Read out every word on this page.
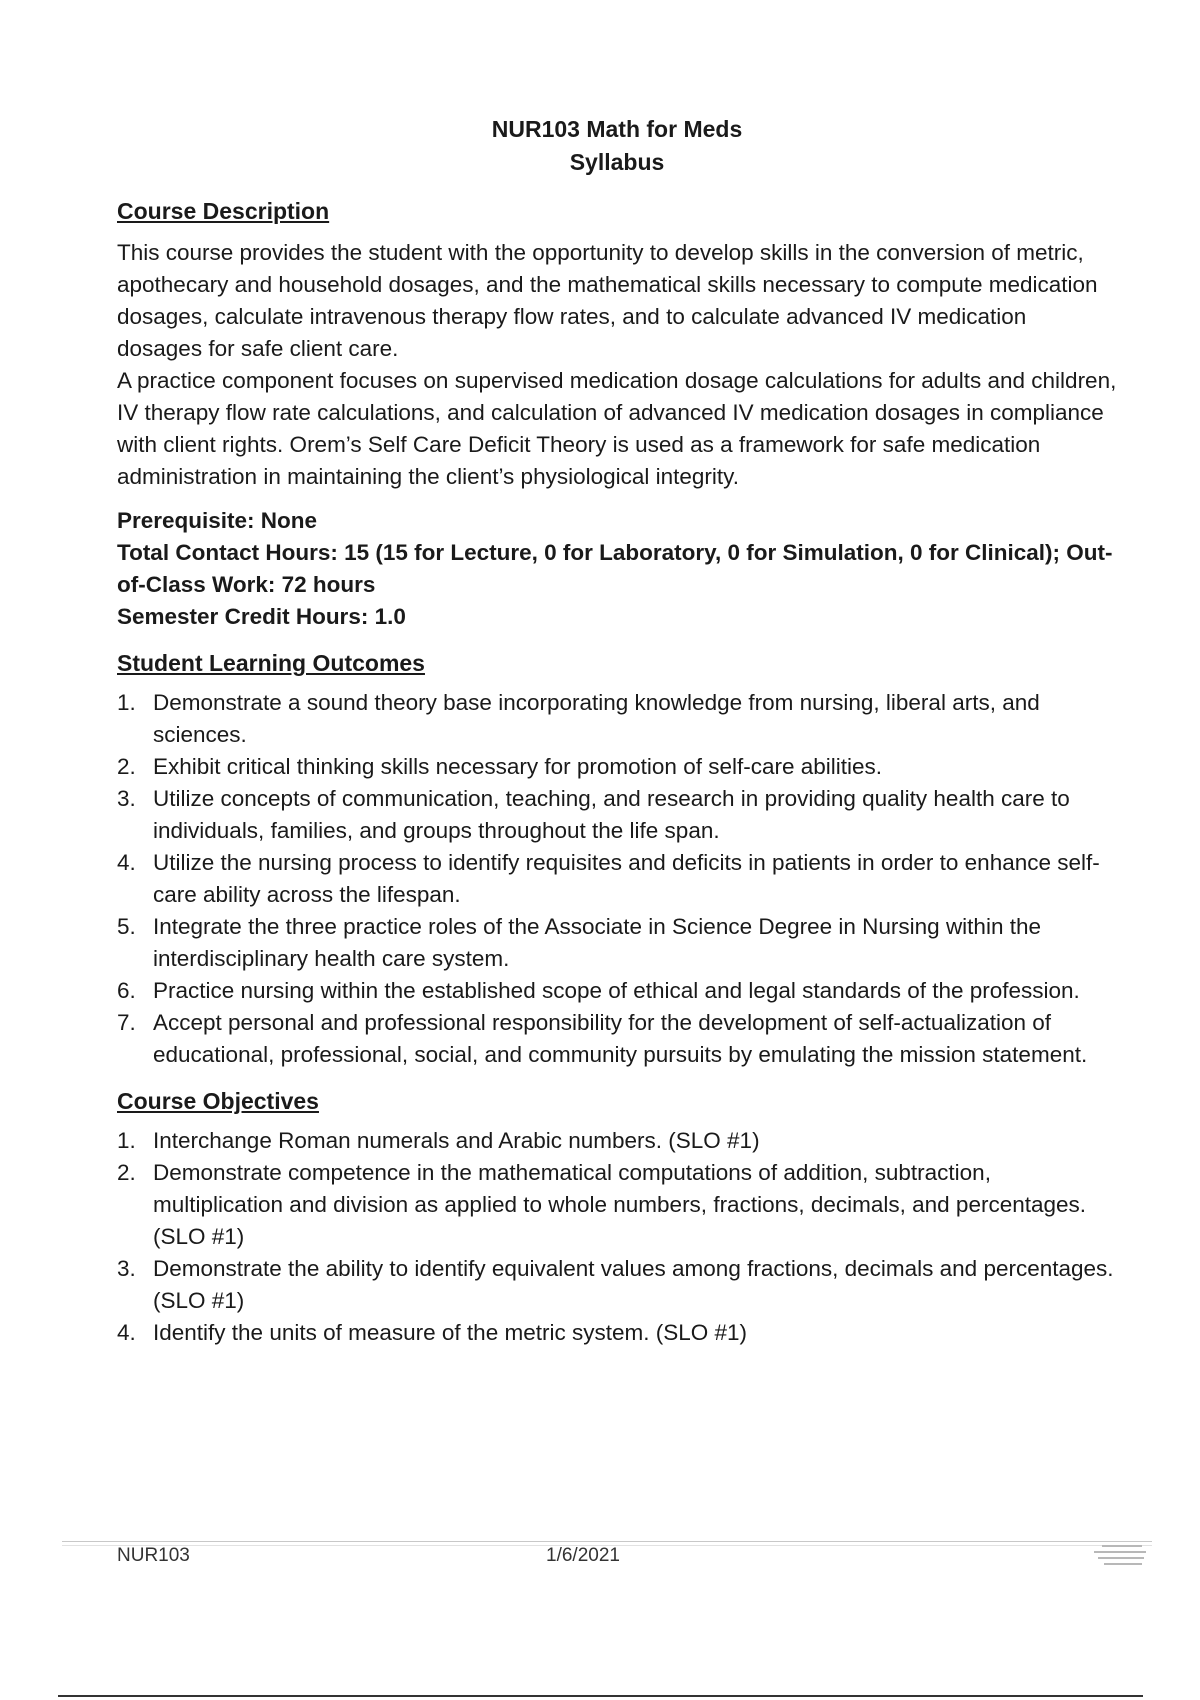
NUR103 Math for Meds
Syllabus
Course Description

This course provides the student with the opportunity to develop skills in the conversion of metric, apothecary and household dosages, and the mathematical skills necessary to compute medication dosages, calculate intravenous therapy flow rates, and to calculate advanced IV medication dosages for safe client care.

A practice component focuses on supervised medication dosage calculations for adults and children, IV therapy flow rate calculations, and calculation of advanced IV medication dosages in compliance with client rights. Orem’s Self Care Deficit Theory is used as a framework for safe medication administration in maintaining the client’s physiological integrity.

Prerequisite: None

Total Contact Hours: 15 (15 for Lecture, 0 for Laboratory, 0 for Simulation, 0 for Clinical); Out-of-Class Work: 72 hours

Semester Credit Hours: 1.0

Student Learning Outcomes
1. Demonstrate a sound theory base incorporating knowledge from nursing, liberal arts, and sciences.
2. Exhibit critical thinking skills necessary for promotion of self-care abilities.
3. Utilize concepts of communication, teaching, and research in providing quality health care to individuals, families, and groups throughout the life span.
4. Utilize the nursing process to identify requisites and deficits in patients in order to enhance self-care ability across the lifespan.
5. Integrate the three practice roles of the Associate in Science Degree in Nursing within the interdisciplinary health care system.
6. Practice nursing within the established scope of ethical and legal standards of the profession.
7. Accept personal and professional responsibility for the development of self-actualization of educational, professional, social, and community pursuits by emulating the mission statement.
Course Objectives
1. Interchange Roman numerals and Arabic numbers. (SLO #1)
2. Demonstrate competence in the mathematical computations of addition, subtraction, multiplication and division as applied to whole numbers, fractions, decimals, and percentages. (SLO #1)
3. Demonstrate the ability to identify equivalent values among fractions, decimals and percentages. (SLO #1)
4. Identify the units of measure of the metric system. (SLO #1)
NUR103	1/6/2021
